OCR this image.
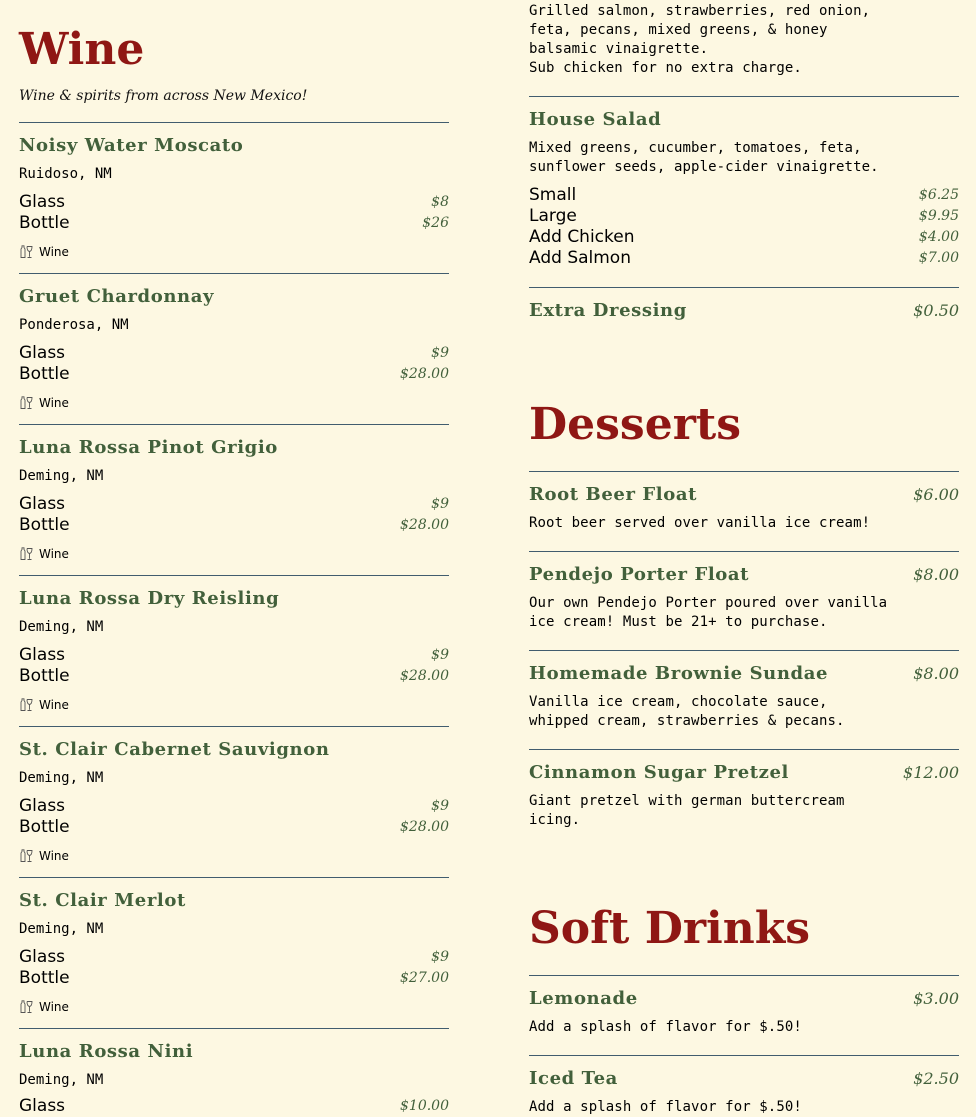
Wine
Wine & spirits from across New Mexico!
Noisy Water Moscato
Ruidoso, NM
Glass	$8
Bottle	$26
Wine
Gruet Chardonnay
Ponderosa, NM
Glass	$9
Bottle	$28.00
Wine
Luna Rossa Pinot Grigio
Deming, NM
Glass	$9
Bottle	$28.00
Wine
Luna Rossa Dry Reisling
Deming, NM
Glass	$9
Bottle	$28.00
Wine
St. Clair Cabernet Sauvignon
Deming, NM
Glass	$9
Bottle	$28.00
Wine
St. Clair Merlot
Deming, NM
Glass	$9
Bottle	$27.00
Wine
Luna Rossa Nini
Deming, NM
Glass	$10.00
Grilled salmon, strawberries, red onion,
feta, pecans, mixed greens, & honey
balsamic vinaigrette.
Sub chicken for no extra charge.
House Salad
Mixed greens, cucumber, tomatoes, feta,
sunflower seeds, apple-cider vinaigrette.
Small	$6.25
Large	$9.95
Add Chicken	$4.00
Add Salmon	$7.00
Extra Dressing	$0.50
Desserts
Root Beer Float	$6.00
Root beer served over vanilla ice cream!
Pendejo Porter Float	$8.00
Our own Pendejo Porter poured over vanilla
ice cream! Must be 21+ to purchase.
Homemade Brownie Sundae	$8.00
Vanilla ice cream, chocolate sauce,
whipped cream, strawberries & pecans.
Cinnamon Sugar Pretzel	$12.00
Giant pretzel with german buttercream
icing.
Soft Drinks
Lemonade	$3.00
Add a splash of flavor for $.50!
Iced Tea	$2.50
Add a splash of flavor for $.50!
